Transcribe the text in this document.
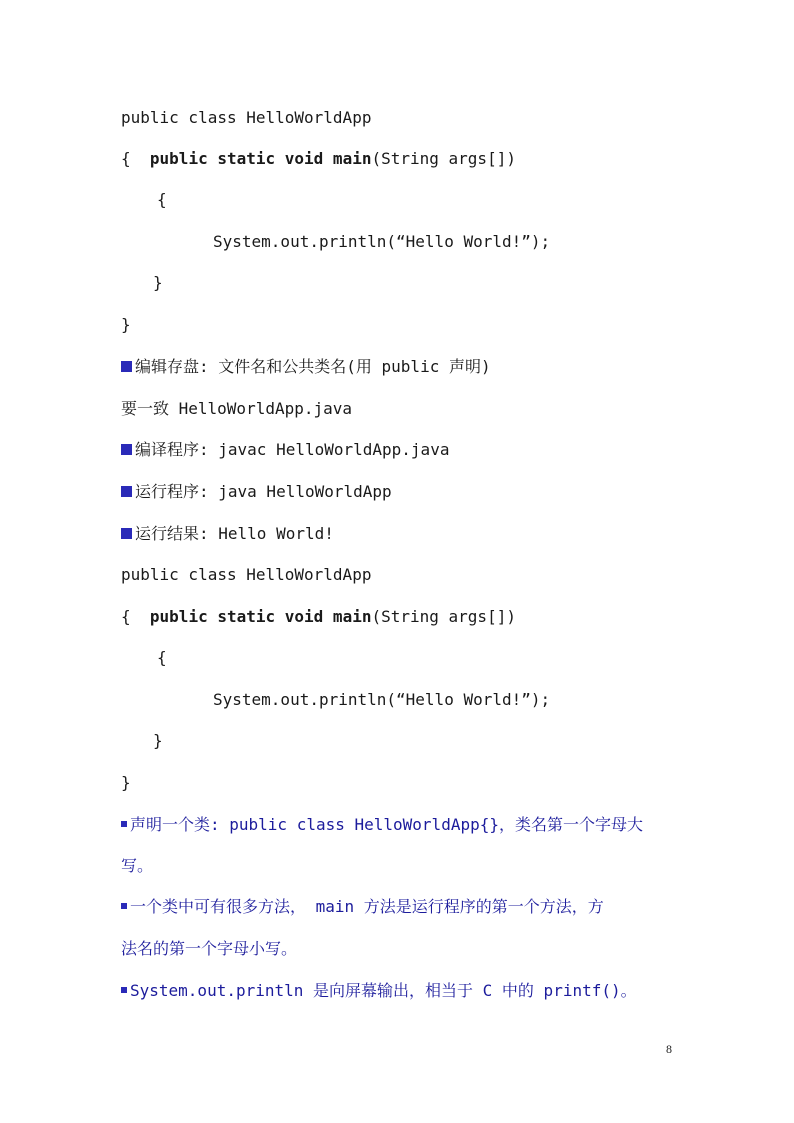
public class HelloWorldApp
{  public static void main(String args[])
{
System.out.println(“Hello World!”);
}
}
编辑存盘: 文件名和公共类名(用 public 声明)
要一致 HelloWorldApp.java
编译程序: javac HelloWorldApp.java
运行程序: java HelloWorldApp
运行结果: Hello World!
public class HelloWorldApp
{  public static void main(String args[])
{
System.out.println(“Hello World!”);
}
}
声明一个类: public class HelloWorldApp{}，类名第一个字母大
写。
一个类中可有很多方法， main 方法是运行程序的第一个方法，方
法名的第一个字母小写。
System.out.println 是向屏幕输出，相当于 C 中的 printf()。
8
